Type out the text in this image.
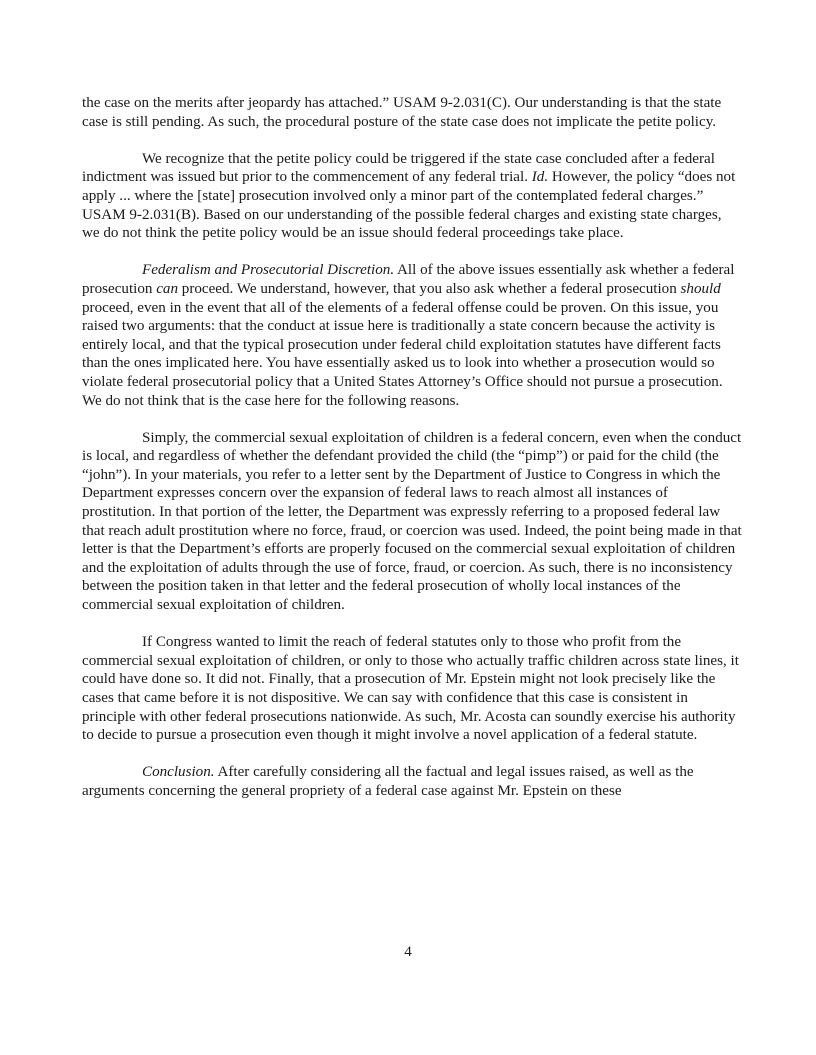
the case on the merits after jeopardy has attached.” USAM 9-2.031(C). Our understanding is that the state case is still pending. As such, the procedural posture of the state case does not implicate the petite policy.

We recognize that the petite policy could be triggered if the state case concluded after a federal indictment was issued but prior to the commencement of any federal trial. Id. However, the policy “does not apply ... where the [state] prosecution involved only a minor part of the contemplated federal charges.” USAM 9-2.031(B). Based on our understanding of the possible federal charges and existing state charges, we do not think the petite policy would be an issue should federal proceedings take place.

Federalism and Prosecutorial Discretion. All of the above issues essentially ask whether a federal prosecution can proceed. We understand, however, that you also ask whether a federal prosecution should proceed, even in the event that all of the elements of a federal offense could be proven. On this issue, you raised two arguments: that the conduct at issue here is traditionally a state concern because the activity is entirely local, and that the typical prosecution under federal child exploitation statutes have different facts than the ones implicated here. You have essentially asked us to look into whether a prosecution would so violate federal prosecutorial policy that a United States Attorney’s Office should not pursue a prosecution. We do not think that is the case here for the following reasons.

Simply, the commercial sexual exploitation of children is a federal concern, even when the conduct is local, and regardless of whether the defendant provided the child (the “pimp”) or paid for the child (the “john”). In your materials, you refer to a letter sent by the Department of Justice to Congress in which the Department expresses concern over the expansion of federal laws to reach almost all instances of prostitution. In that portion of the letter, the Department was expressly referring to a proposed federal law that reach adult prostitution where no force, fraud, or coercion was used. Indeed, the point being made in that letter is that the Department’s efforts are properly focused on the commercial sexual exploitation of children and the exploitation of adults through the use of force, fraud, or coercion. As such, there is no inconsistency between the position taken in that letter and the federal prosecution of wholly local instances of the commercial sexual exploitation of children.

If Congress wanted to limit the reach of federal statutes only to those who profit from the commercial sexual exploitation of children, or only to those who actually traffic children across state lines, it could have done so. It did not. Finally, that a prosecution of Mr. Epstein might not look precisely like the cases that came before it is not dispositive. We can say with confidence that this case is consistent in principle with other federal prosecutions nationwide. As such, Mr. Acosta can soundly exercise his authority to decide to pursue a prosecution even though it might involve a novel application of a federal statute.

Conclusion. After carefully considering all the factual and legal issues raised, as well as the arguments concerning the general propriety of a federal case against Mr. Epstein on these

4
